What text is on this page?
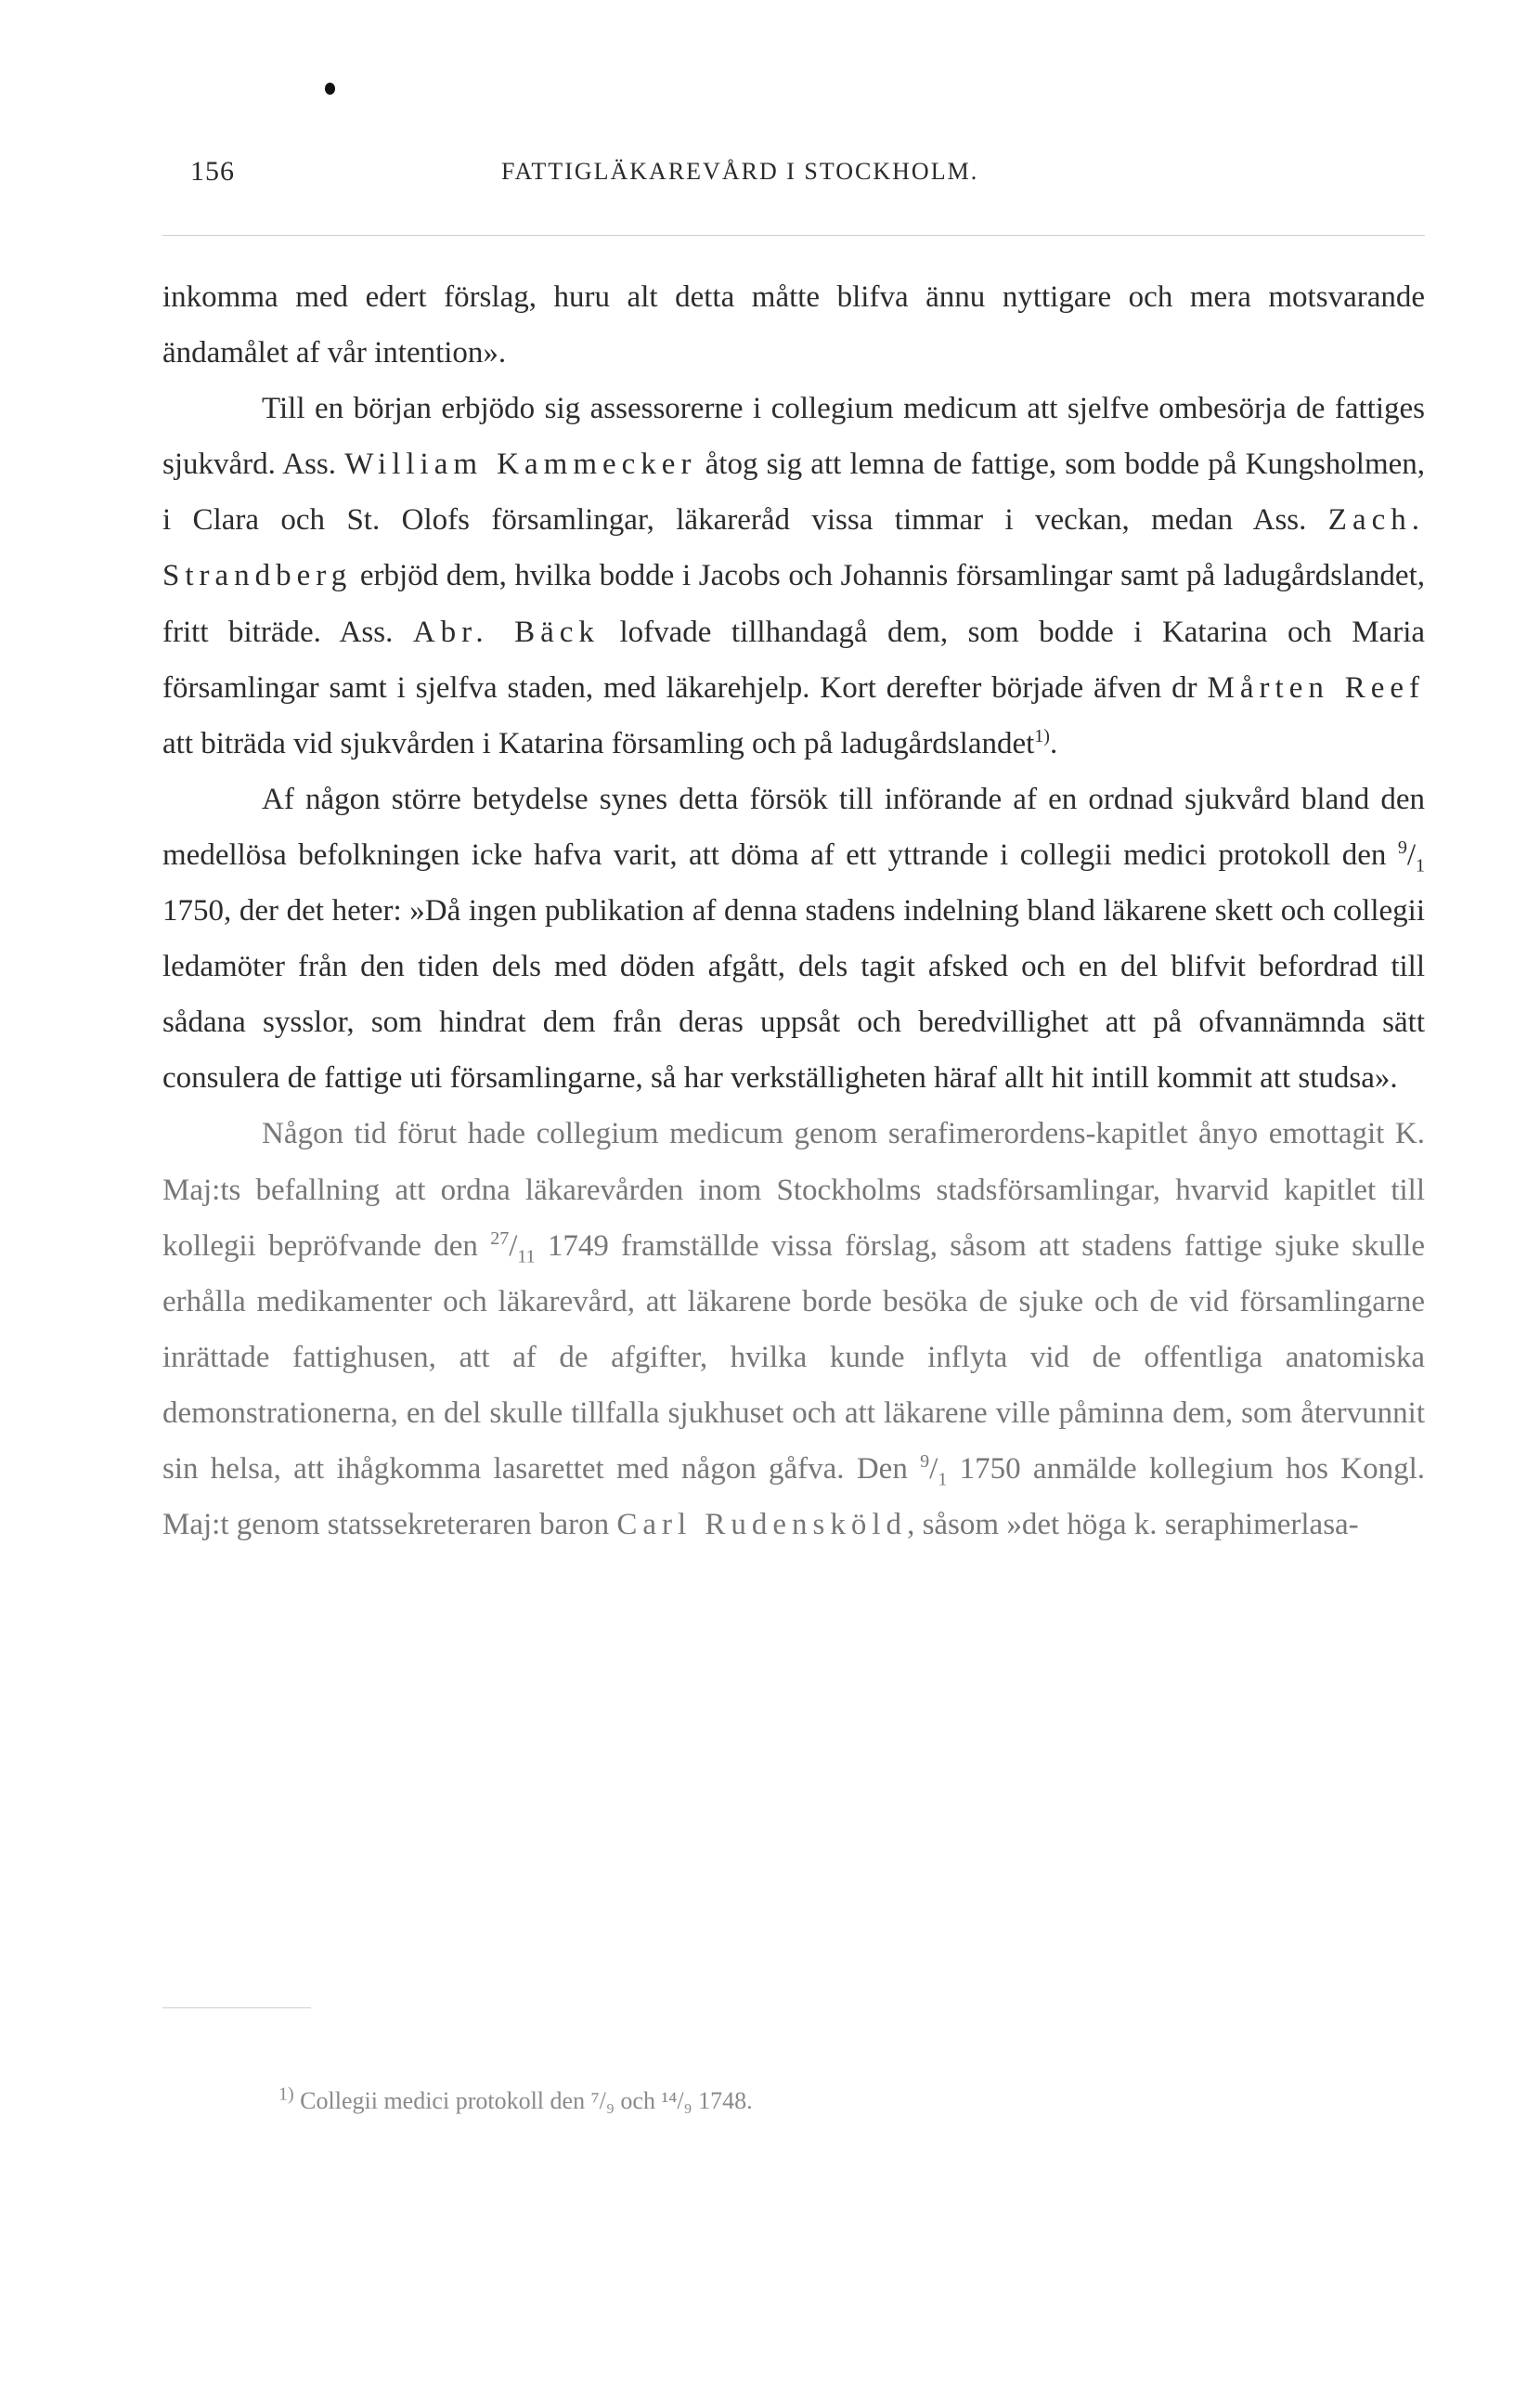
156	FATTIGLÄKAREVÅRD I STOCKHOLM.

inkomma med edert förslag, huru alt detta måtte blifva ännu nyttigare och mera motsvarande ändamålet af vår intention».

Till en början erbjödo sig assessorerne i collegium medicum att sjelfve ombesörja de fattiges sjukvård. Ass. William Kammecker åtog sig att lemna de fattige, som bodde på Kungsholmen, i Clara och St. Olofs församlingar, läkareråd vissa timmar i veckan, medan Ass. Zach. Strandberg erbjöd dem, hvilka bodde i Jacobs och Johannis församlingar samt på ladugårdslandet, fritt biträde. Ass. Abr. Bäck lofvade tillhandagå dem, som bodde i Katarina och Maria församlingar samt i sjelfva staden, med läkarehjelp. Kort derefter började äfven dr Mårten Reef att biträda vid sjukvården i Katarina församling och på ladugårdslandet$^{1)}$.

Af någon större betydelse synes detta försök till införande af en ordnad sjukvård bland den medellösa befolkningen icke hafva varit, att döma af ett yttrande i collegii medici protokoll den $^9/_1$ 1750, der det heter: »Då ingen publikation af denna stadens indelning bland läkarene skett och collegii ledamöter från den tiden dels med döden afgått, dels tagit afsked och en del blifvit befordrad till sådana sysslor, som hindrat dem från deras uppsåt och beredvillighet att på ofvannämnda sätt consulera de fattige uti församlingarne, så har verkställigheten häraf allt hit intill kommit att studsa».

Någon tid förut hade collegium medicum genom serafimerordens-kapitlet ånyo emottagit K. Maj:ts befallning att ordna läkarevården inom Stockholms stadsförsamlingar, hvarvid kapitlet till kollegii bepröfvande den $^{27}/_{11}$ 1749 framställde vissa förslag, såsom att stadens fattige sjuke skulle erhålla medikamenter och läkarevård, att läkarene borde besöka de sjuke och de vid församlingarne inrättade fattighusen, att af de afgifter, hvilka kunde inflyta vid de offentliga anatomiska demonstrationerna, en del skulle tillfalla sjukhuset och att läkarene ville påminna dem, som återvunnit sin helsa, att ihågkomma lasarettet med någon gåfva. Den $^9/_1$ 1750 anmälde kollegium hos Kongl. Maj:t genom statssekreteraren baron Carl Rudensköld, såsom »det höga k. seraphimerlasa-

$^{1)}$ Collegii medici protokoll den ⁷/₉ och ¹⁴/₉ 1748.
